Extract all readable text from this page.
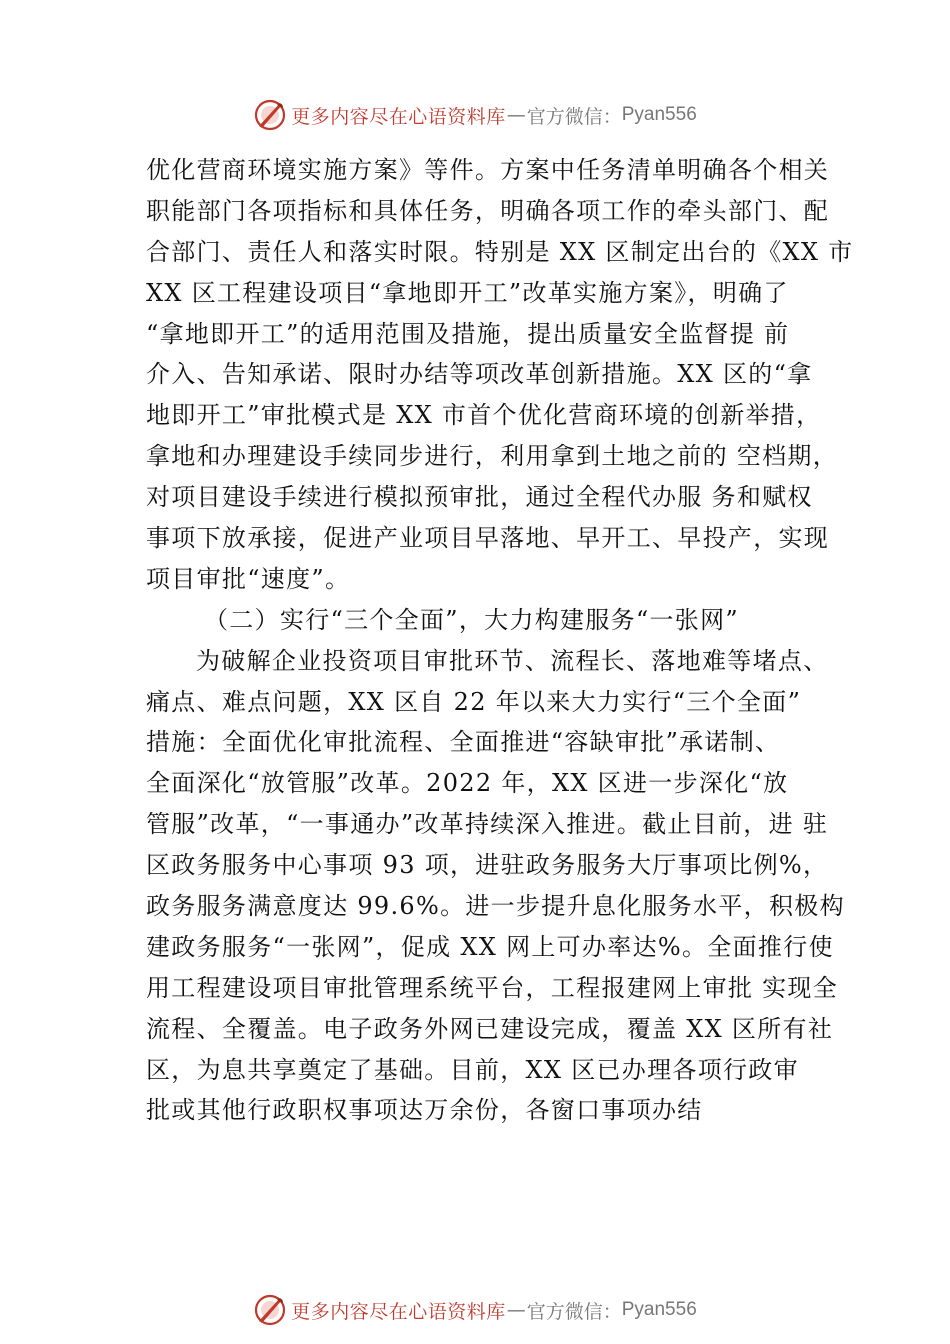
更多内容尽在心语资料库 — 官方微信： Pyan556
优化营商环境实施方案》等件。方案中任务清单明确各个相关
职能部门各项指标和具体任务，明确各项工作的牵头部门、配
合部门、责任人和落实时限。特别是 XX 区制定出台的《XX 市
XX 区工程建设项目“拿地即开工”改革实施方案》，明确了
“拿地即开工”的适用范围及措施，提出质量安全监督提 前
介入、告知承诺、限时办结等项改革创新措施。XX 区的“拿
地即开工”审批模式是 XX 市首个优化营商环境的创新举措，
拿地和办理建设手续同步进行，利用拿到土地之前的 空档期，
对项目建设手续进行模拟预审批，通过全程代办服 务和赋权
事项下放承接，促进产业项目早落地、早开工、早投产，实现
项目审批“速度”。
（二）实行“三个全面”，大力构建服务“一张网”
为破解企业投资项目审批环节、流程长、落地难等堵点、
痛点、难点问题，XX 区自 22 年以来大力实行“三个全面”
措施：全面优化审批流程、全面推进“容缺审批”承诺制、
全面深化“放管服”改革。2022 年，XX 区进一步深化“放
管服”改革，“一事通办”改革持续深入推进。截止目前，进 驻
区政务服务中心事项 93 项，进驻政务服务大厅事项比例%，
政务服务满意度达 99.6%。进一步提升息化服务水平，积极构
建政务服务“一张网”，促成 XX 网上可办率达%。全面推行使
用工程建设项目审批管理系统平台，工程报建网上审批 实现全
流程、全覆盖。电子政务外网已建设完成，覆盖 XX 区所有社
区，为息共享奠定了基础。目前，XX 区已办理各项行政审
批或其他行政职权事项达万余份，各窗口事项办结
更多内容尽在心语资料库 — 官方微信： Pyan556
